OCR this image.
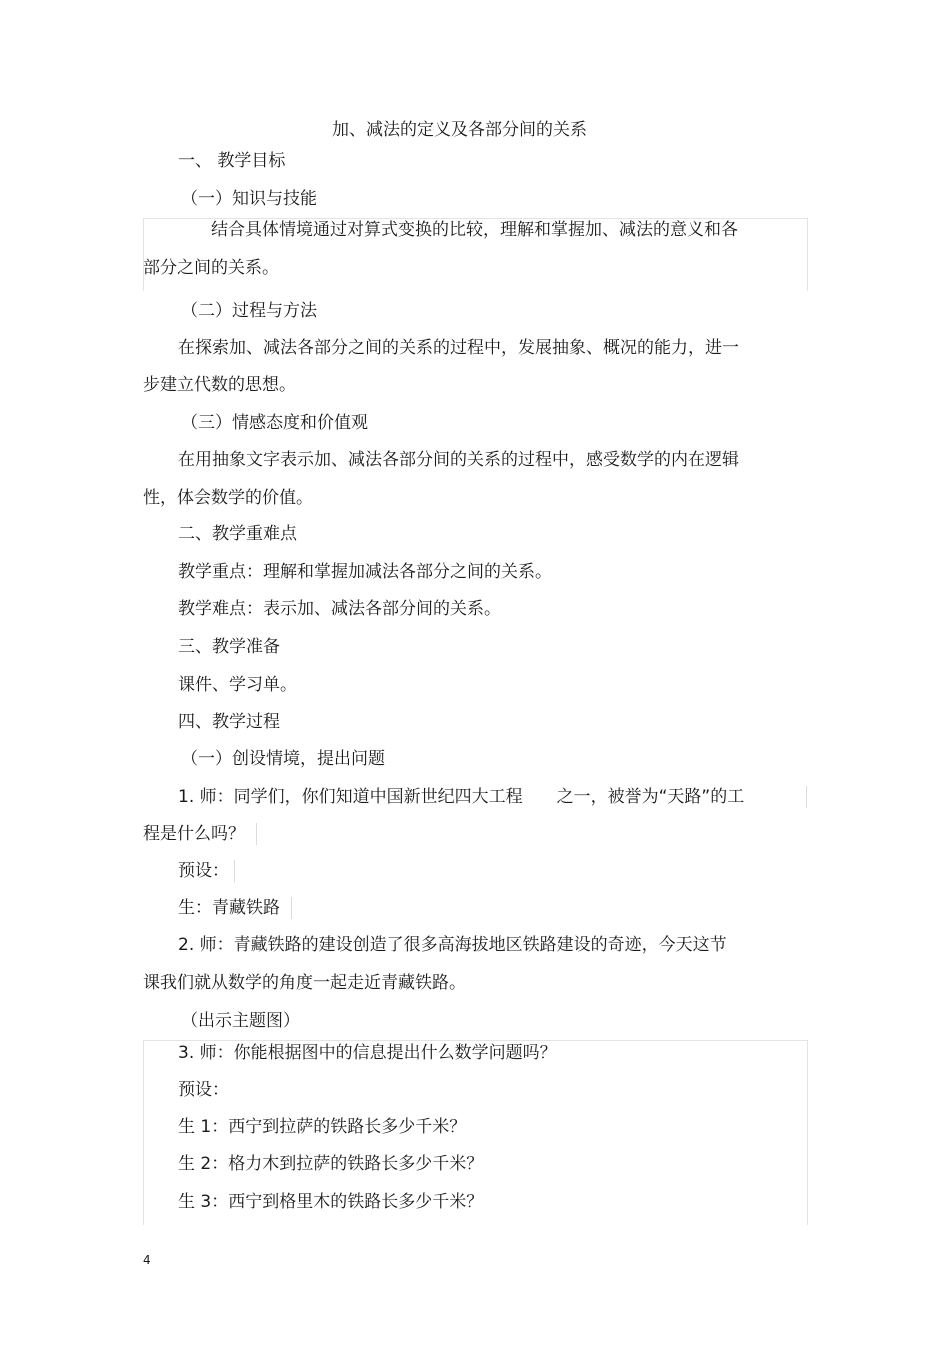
加、减法的定义及各部分间的关系
一、 教学目标
（一）知识与技能
结合具体情境通过对算式变换的比较，理解和掌握加、减法的意义和各
部分之间的关系。
（二）过程与方法
在探索加、减法各部分之间的关系的过程中，发展抽象、概况的能力，进一
步建立代数的思想。
（三）情感态度和价值观
在用抽象文字表示加、减法各部分间的关系的过程中，感受数学的内在逻辑
性，体会数学的价值。
二、教学重难点
教学重点：理解和掌握加减法各部分之间的关系。
教学难点：表示加、减法各部分间的关系。
三、教学准备
课件、学习单。
四、教学过程
（一）创设情境，提出问题
1. 师：同学们，你们知道中国新世纪四大工程　　之一，被誉为“天路”的工
程是什么吗？
预设：
生：青藏铁路
2. 师：青藏铁路的建设创造了很多高海拔地区铁路建设的奇迹，今天这节
课我们就从数学的角度一起走近青藏铁路。
（出示主题图）
3. 师：你能根据图中的信息提出什么数学问题吗？
预设：
生 1：西宁到拉萨的铁路长多少千米？
生 2：格力木到拉萨的铁路长多少千米？
生 3：西宁到格里木的铁路长多少千米？
4
